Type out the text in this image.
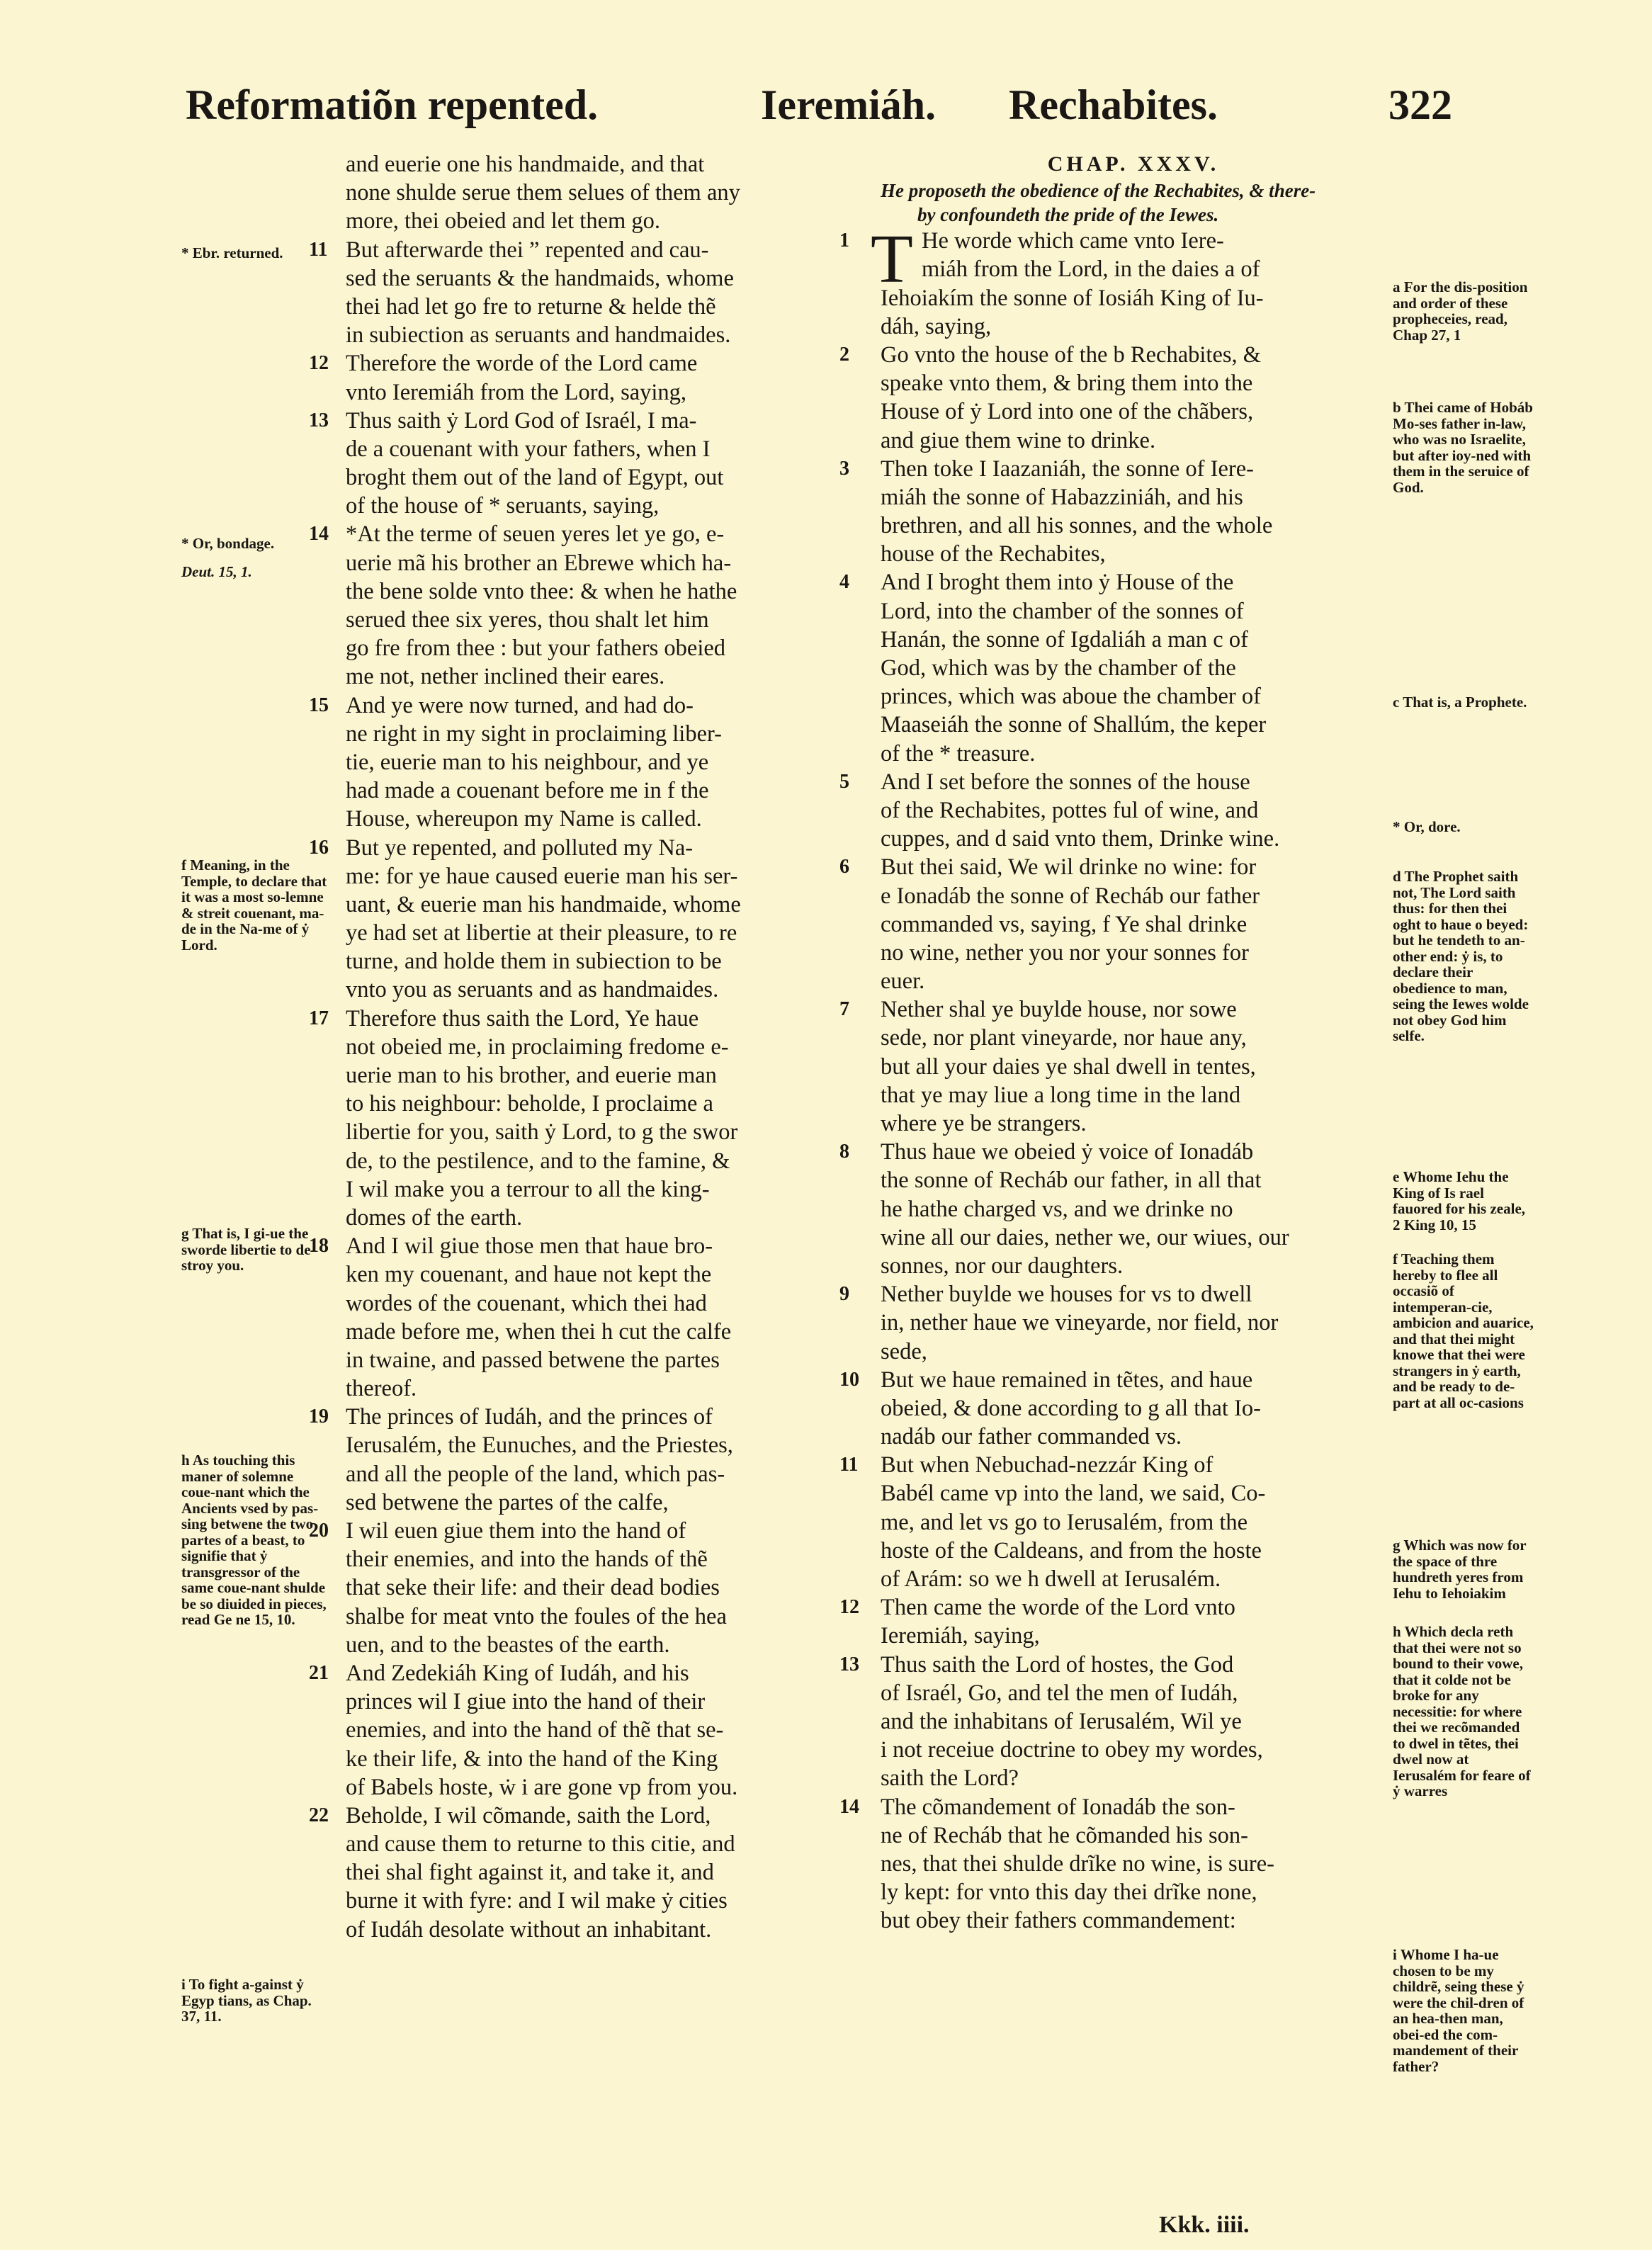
Reformatiõn repented.	Ieremiáh. Rechabites.	322
and euerie one his handmaide, and that
none shulde serue them selues of them any
more, thei obeied and let them go.
11 But afterwarde thei ” repented and cau-
sed the seruants & the handmaids, whome
thei had let go fre to returne & helde thẽ
in subiection as seruants and handmaides.
12 Therefore the worde of the Lord came
vnto Ieremiáh from the Lord, saying,
13 Thus saith ẏ Lord God of Israél, I ma-
de a couenant with your fathers, when I
broght them out of the land of Egypt, out
of the house of * seruants, saying,
14 *At the terme of seuen yeres let ye go, e-
uerie mã his brother an Ebrewe which ha-
the bene solde vnto thee: & when he hathe
serued thee six yeres, thou shalt let him
go fre from thee : but your fathers obeied
me not, nether inclined their eares.
15 And ye were now turned, and had do-
ne right in my sight in proclaiming liber-
tie, euerie man to his neighbour, and ye
had made a couenant before me in f the
House, whereupon my Name is called.
16 But ye repented, and polluted my Na-
me: for ye haue caused euerie man his ser-
uant, & euerie man his handmaide, whome
ye had set at libertie at their pleasure, to re
turne, and holde them in subiection to be
vnto you as seruants and as handmaides.
17 Therefore thus saith the Lord, Ye haue
not obeied me, in proclaiming fredome e-
uerie man to his brother, and euerie man
to his neighbour: beholde, I proclaime a
libertie for you, saith ẏ Lord, to g the swor
de, to the pestilence, and to the famine, &
I wil make you a terrour to all the king-
domes of the earth.
18 And I wil giue those men that haue bro-
ken my couenant, and haue not kept the
wordes of the couenant, which thei had
made before me, when thei h cut the calfe
in twaine, and passed betwene the partes
thereof.
19 The princes of Iudáh, and the princes of
Ierusalém, the Eunuches, and the Priestes,
and all the people of the land, which pas-
sed betwene the partes of the calfe,
20 I wil euen giue them into the hand of
their enemies, and into the hands of thẽ
that seke their life: and their dead bodies
shalbe for meat vnto the foules of the hea
uen, and to the beastes of the earth.
21 And Zedekiáh King of Iudáh, and his
princes wil I giue into the hand of their
enemies, and into the hand of thẽ that se-
ke their life, & into the hand of the King
of Babels hoste, ẇ i are gone vp from you.
22 Beholde, I wil cõmande, saith the Lord,
and cause them to returne to this citie, and
thei shal fight against it, and take it, and
burne it with fyre: and I wil make ẏ cities
of Iudáh desolate without an inhabitant.
CHAP. XXXV.
He proposeth the obedience of the Rechabites, & there-
by confoundeth the pride of the Iewes.
1 T He worde which came vnto Iere-
miáh from the Lord, in the daies a of
Iehoiakím the sonne of Iosiáh King of Iu-
dáh, saying,
2 Go vnto the house of the b Rechabites, &
speake vnto them, & bring them into the
House of ẏ Lord into one of the chãbers,
and giue them wine to drinke.
3 Then toke I Iaazaniáh, the sonne of Iere-
miáh the sonne of Habazziniáh, and his
brethren, and all his sonnes, and the whole
house of the Rechabites,
4 And I broght them into ẏ House of the
Lord, into the chamber of the sonnes of
Hanán, the sonne of Igdaliáh a man c of
God, which was by the chamber of the
princes, which was aboue the chamber of
Maaseiáh the sonne of Shallúm, the keper
of the * treasure.
5 And I set before the sonnes of the house
of the Rechabites, pottes ful of wine, and
cuppes, and d said vnto them, Drinke wine.
6 But thei said, We wil drinke no wine: for
e Ionadáb the sonne of Recháb our father
commanded vs, saying, f Ye shal drinke
no wine, nether you nor your sonnes for
euer.
7 Nether shal ye buylde house, nor sowe
sede, nor plant vineyarde, nor haue any,
but all your daies ye shal dwell in tentes,
that ye may liue a long time in the land
where ye be strangers.
8 Thus haue we obeied ẏ voice of Ionadáb
the sonne of Recháb our father, in all that
he hathe charged vs, and we drinke no
wine all our daies, nether we, our wiues, our
sonnes, nor our daughters.
9 Nether buylde we houses for vs to dwell
in, nether haue we vineyarde, nor field, nor
sede,
10 But we haue remained in tẽtes, and haue
obeied, & done according to g all that Io-
nadáb our father commanded vs.
11 But when Nebuchad-nezzár King of
Babél came vp into the land, we said, Co-
me, and let vs go to Ierusalém, from the
hoste of the Caldeans, and from the hoste
of Arám: so we h dwell at Ierusalém.
12 Then came the worde of the Lord vnto
Ieremiáh, saying,
13 Thus saith the Lord of hostes, the God
of Israél, Go, and tel the men of Iudáh,
and the inhabitans of Ierusalém, Wil ye
i not receiue doctrine to obey my wordes,
saith the Lord?
14 The cõmandement of Ionadáb the son-
ne of Recháb that he cõmanded his son-
nes, that thei shulde drĩke no wine, is sure-
ly kept: for vnto this day thei drĩke none,
but obey their fathers commandement:
* Ebr. returned.
* Or, bondage.
Deut. 15, 1.
f Meaning, in the Temple, to declare that it was a most so-lemne & streit couenant, ma-de in the Na-me of ẏ Lord.
g That is, I gi-ue the sworde libertie to de-stroy you.
h As touching this maner of solemne coue-nant which the Ancients vsed by pas-sing betwene the two partes of a beast, to signifie that ẏ transgressor of the same coue-nant shulde be so diuided in pieces, read Ge ne 15, 10.
i To fight a-gainst ẏ Egyp tians, as Chap. 37, 11.
a For the dis-position and order of these propheceies, read, Chap 27, 1
b Thei came of Hobáb Mo-ses father in-law, who was no Israelite, but after ioy-ned with them in the seruice of God.
c That is, a Prophete.
* Or, dore.
d The Prophet saith not, The Lord saith thus: for then thei oght to haue o beyed: but he tendeth to an-other end: ẏ is, to declare their obedience to man, seing the Iewes wolde not obey God him selfe.
e Whome Iehu the King of Is rael fauored for his zeale, 2 King 10, 15
f Teaching them hereby to flee all occasiõ of intemperan-cie, ambicion and auarice, and that thei might knowe that thei were strangers in ẏ earth, and be ready to de-part at all oc-casions
g Which was now for the space of thre hundreth yeres from Iehu to Iehoiakim
h Which decla reth that thei were not so bound to their vowe, that it colde not be broke for any necessitie: for where thei we recõmanded to dwel in tẽtes, thei dwel now at Ierusalém for feare of ẏ warres
i Whome I ha-ue chosen to be my childrẽ, seing these ẏ were the chil-dren of an hea-then man, obei-ed the com-mandement of their father?
Kkk. iiii.
